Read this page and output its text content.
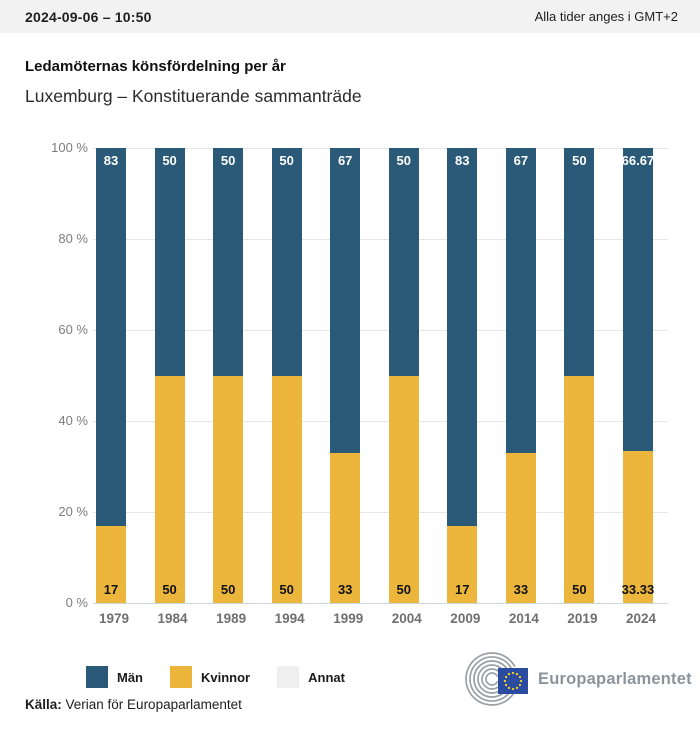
2024-09-06 – 10:50	Alla tider anges i GMT+2
Ledamöternas könsfördelning per år
Luxemburg – Konstituerande sammanträde
100 %
80 %
60 %
40 %
20 %
0 %
83
17
50
50
50
50
50
50
67
33
50
50
83
17
67
33
50
50
66.67
33.33
1979 1984 1989 1994 1999 2004 2009 2014 2019 2024
Män	Kvinnor	Annat
Källa: Verian för Europaparlamentet
Europaparlamentet
